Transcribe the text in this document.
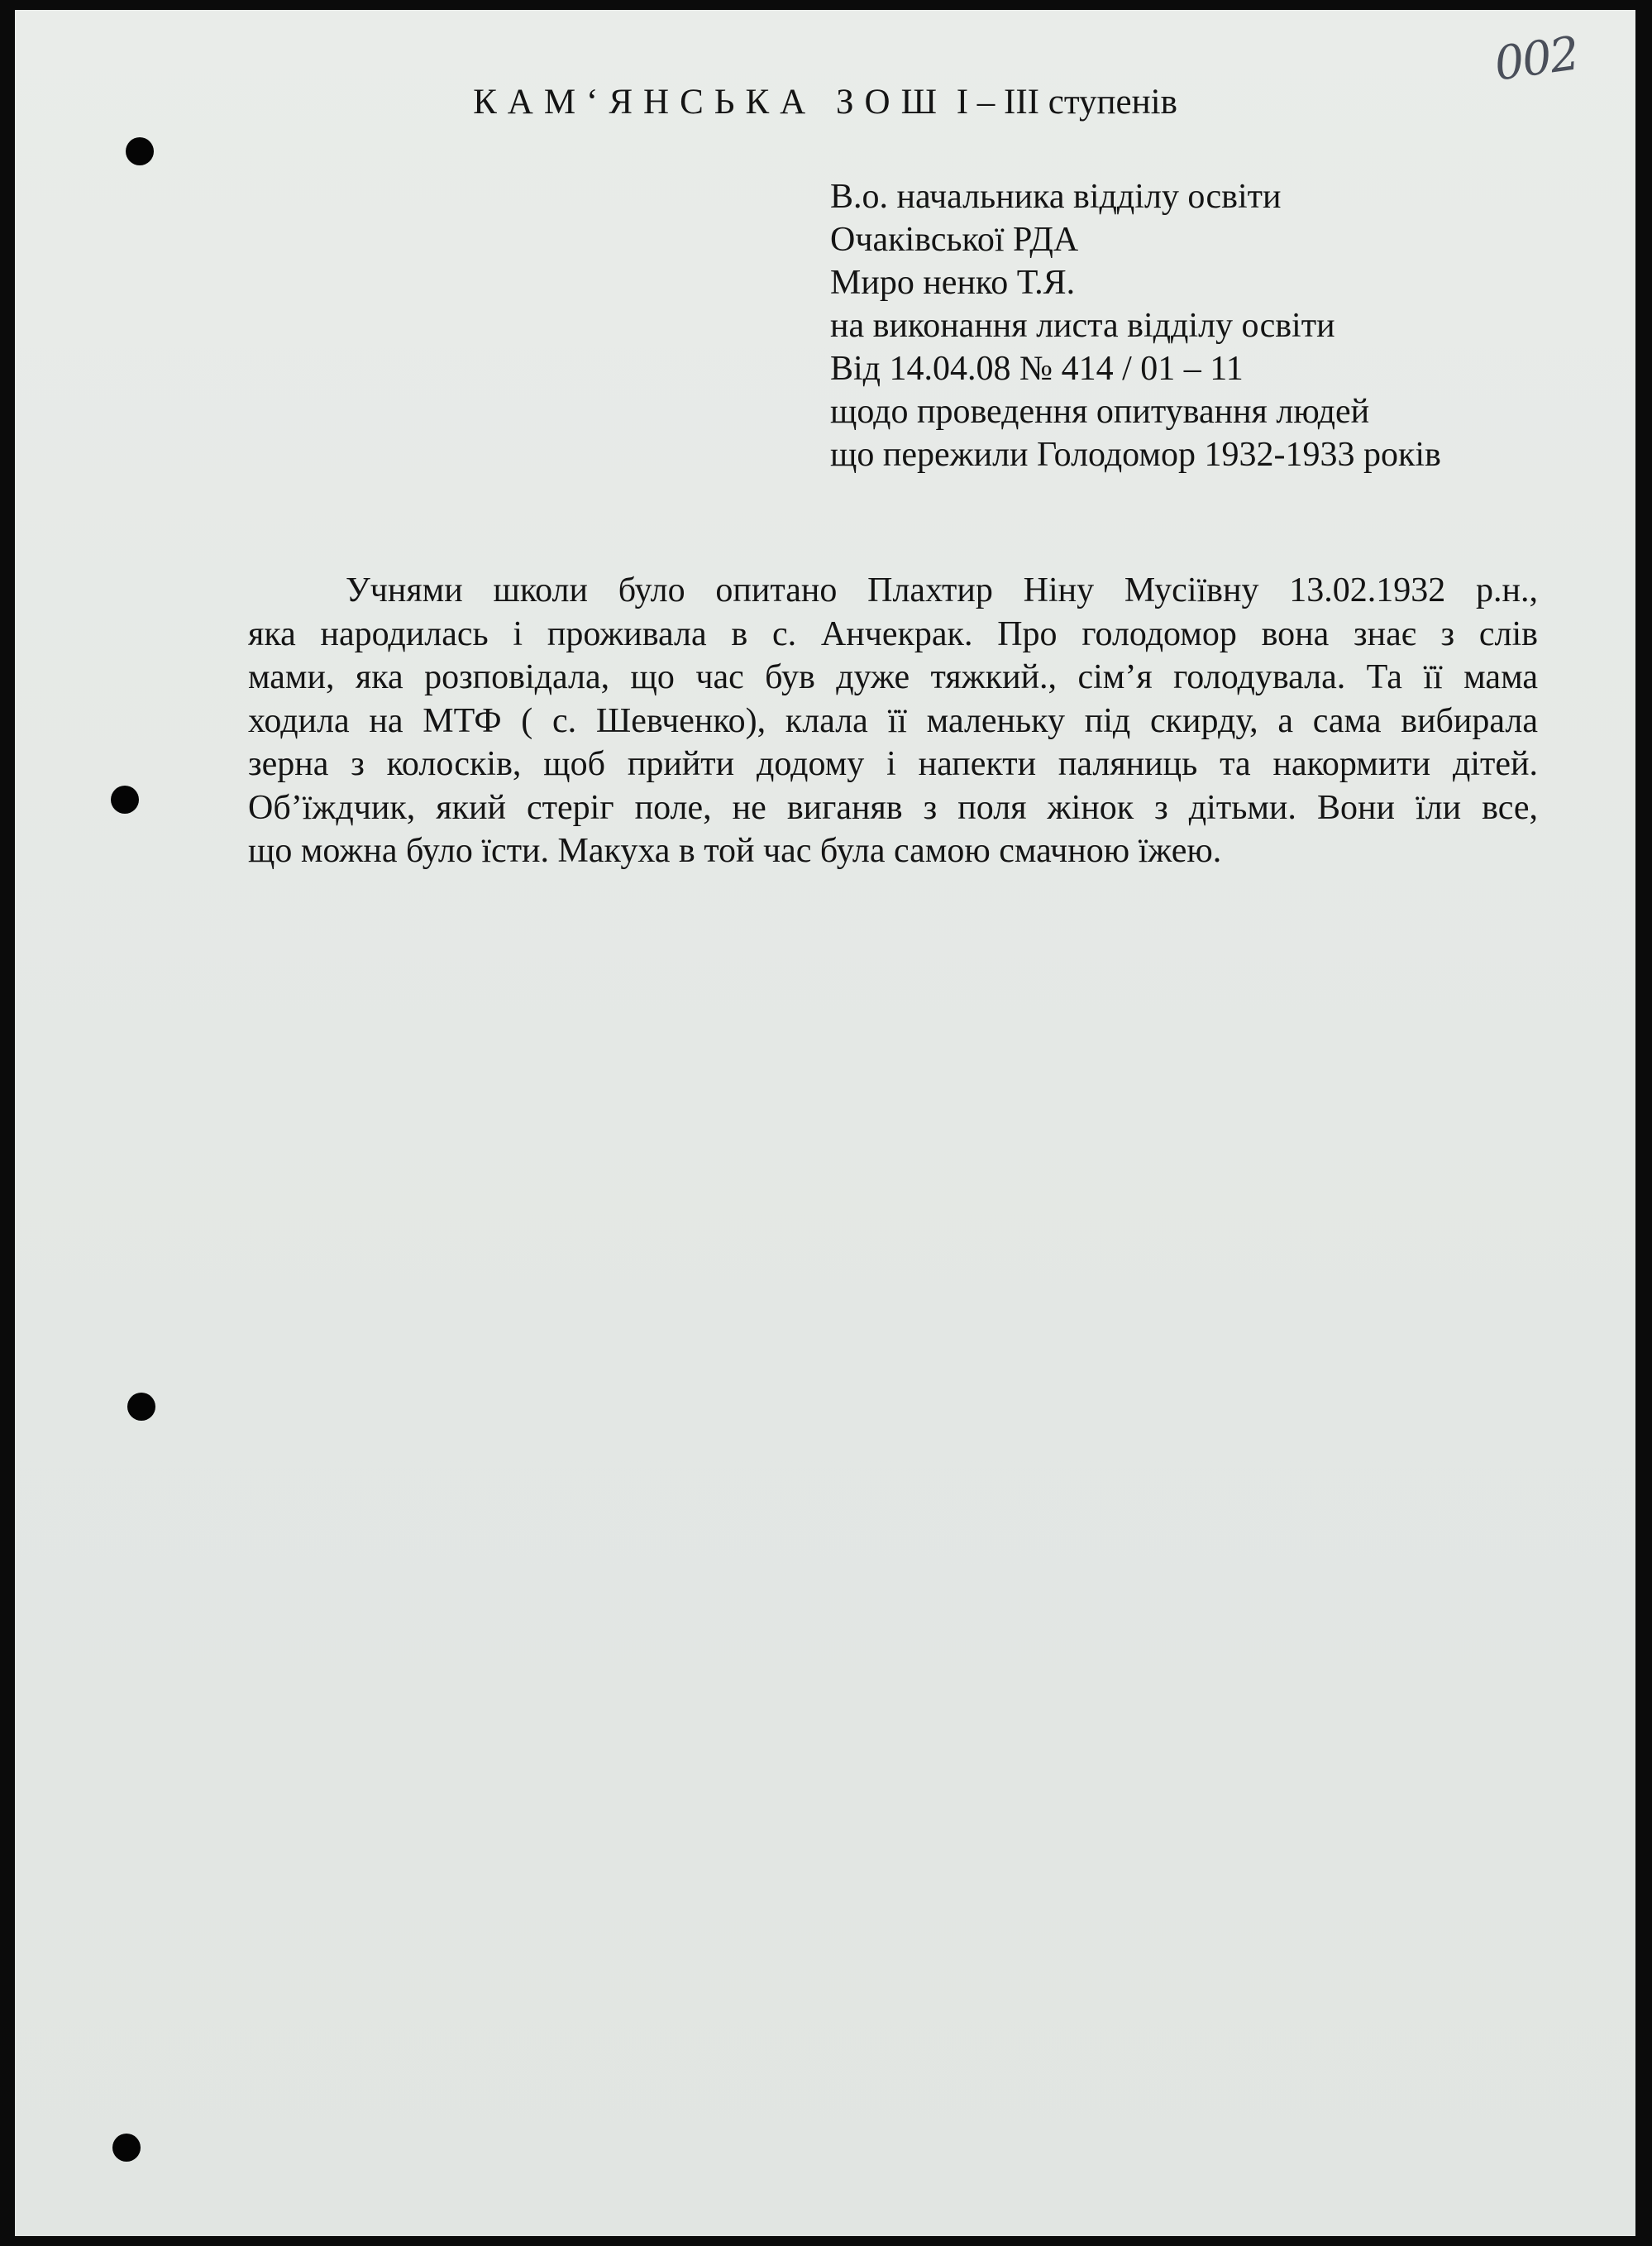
002
КАМ‘ЯНСЬКА ЗОШ І – ІІІ ступенів
В.о. начальника відділу освіти
Очаківської РДА
Миро ненко Т.Я.
на виконання листа відділу освіти
Від 14.04.08 № 414 / 01 – 11
щодо проведення опитування людей
що пережили Голодомор 1932-1933 років
Учнями школи було опитано Плахтир Ніну Мусіївну 13.02.1932 р.н.,
яка народилась і проживала в с. Анчекрак. Про голодомор вона знає з слів
мами, яка розповідала, що час був дуже тяжкий., сім’я голодувала. Та її мама
ходила на МТФ ( с. Шевченко), клала її маленьку під скирду, а сама вибирала
зерна з колосків, щоб прийти додому і напекти паляниць та накормити дітей.
Об’їждчик, який стеріг поле, не виганяв з поля жінок з дітьми. Вони їли все,
що можна було їсти. Макуха в той час була самою смачною їжею.
